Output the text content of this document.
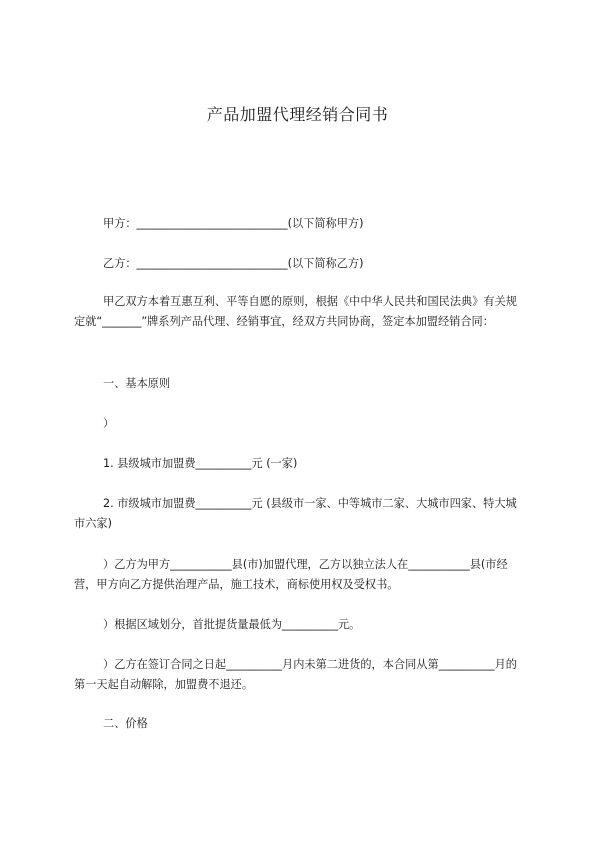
产品加盟代理经销合同书

甲方：___________________________(以下简称甲方)

乙方：___________________________(以下简称乙方)

甲乙双方本着互惠互利、平等自愿的原则，根据《中中华人民共和国民法典》有关规定就“_______”牌系列产品代理、经销事宜，经双方共同协商，签定本加盟经销合同：

一、基本原则

）

1. 县级城市加盟费__________元 (一家)

2. 市级城市加盟费__________元 (县级市一家、中等城市二家、大城市四家、特大城市六家)

）乙方为甲方___________县(市)加盟代理，乙方以独立法人在___________县(市经营，甲方向乙方提供治理产品，施工技术，商标使用权及受权书。

）根据区域划分，首批提货量最低为__________元。

）乙方在签订合同之日起__________月内未第二进货的，本合同从第__________月的第一天起自动解除，加盟费不退还。

二、价格
